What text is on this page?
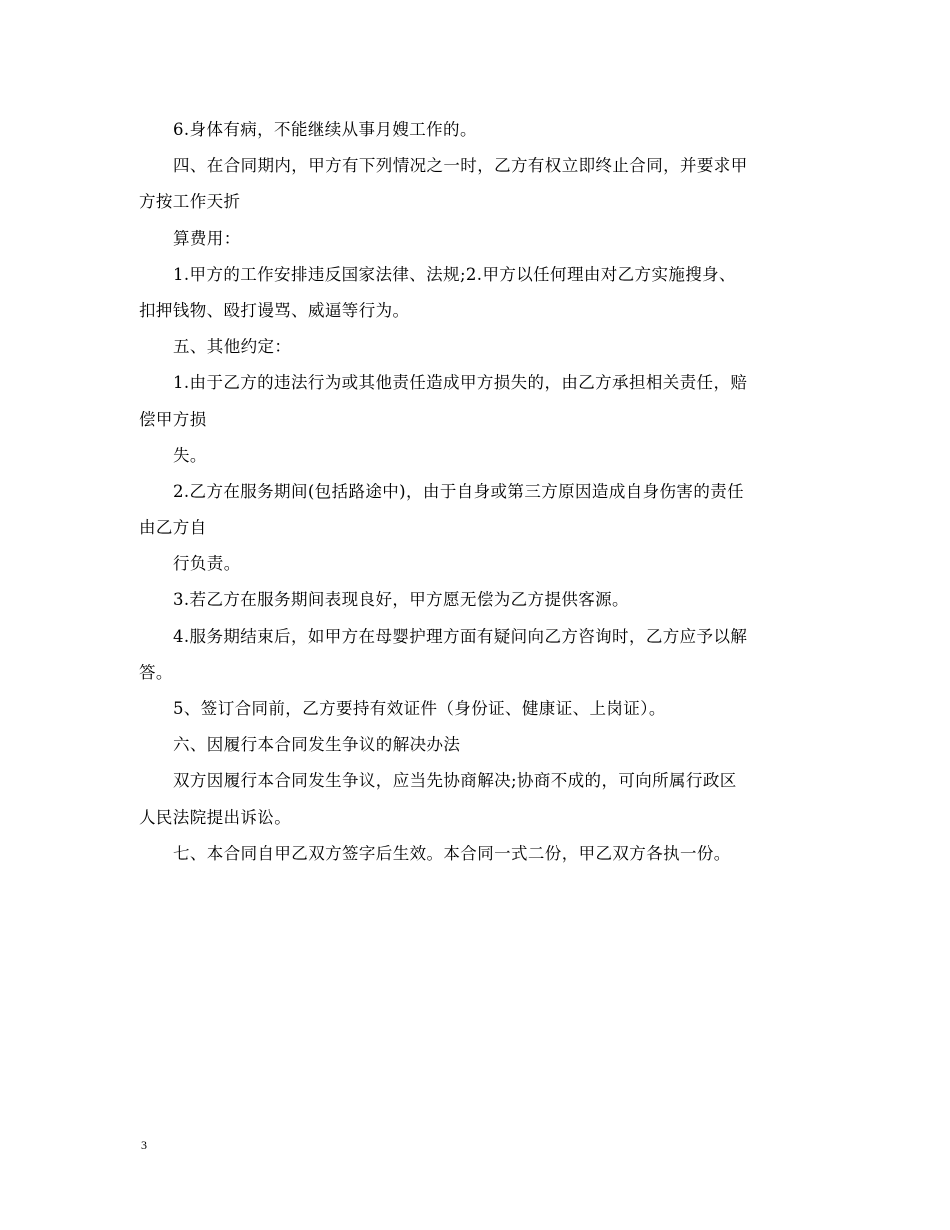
6.身体有病，不能继续从事月嫂工作的。
四、在合同期内，甲方有下列情况之一时，乙方有权立即终止合同，并要求甲
方按工作天折
算费用：
1.甲方的工作安排违反国家法律、法规;2.甲方以任何理由对乙方实施搜身、
扣押钱物、殴打谩骂、威逼等行为。
五、其他约定：
1.由于乙方的违法行为或其他责任造成甲方损失的，由乙方承担相关责任，赔
偿甲方损
失。
2.乙方在服务期间(包括路途中)，由于自身或第三方原因造成自身伤害的责任
由乙方自
行负责。
3.若乙方在服务期间表现良好，甲方愿无偿为乙方提供客源。
4.服务期结束后，如甲方在母婴护理方面有疑问向乙方咨询时，乙方应予以解
答。
5、签订合同前，乙方要持有效证件（身份证、健康证、上岗证）。
六、因履行本合同发生争议的解决办法
双方因履行本合同发生争议，应当先协商解决;协商不成的，可向所属行政区
人民法院提出诉讼。
七、本合同自甲乙双方签字后生效。本合同一式二份，甲乙双方各执一份。
3
